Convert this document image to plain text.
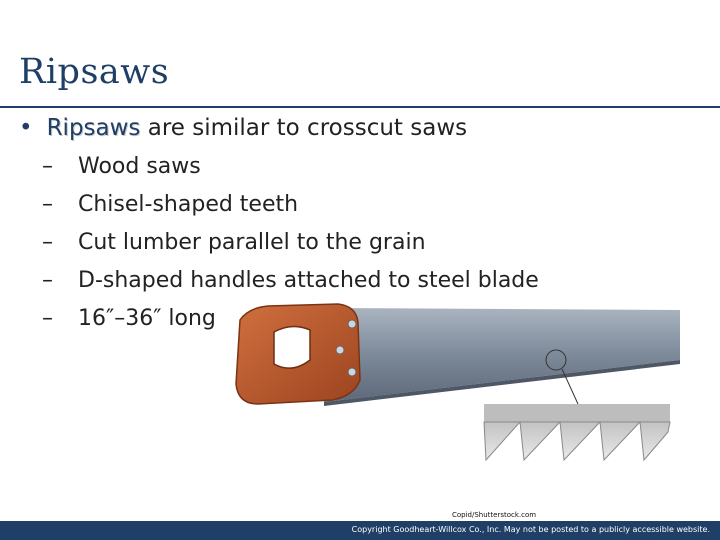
Ripsaws
• Ripsaws are similar to crosscut saws
– Wood saws
– Chisel-shaped teeth
– Cut lumber parallel to the grain
– D-shaped handles attached to steel blade
– 16″–36″ long
Copid/Shutterstock.com
Copyright Goodheart-Willcox Co., Inc. May not be posted to a publicly accessible website.
